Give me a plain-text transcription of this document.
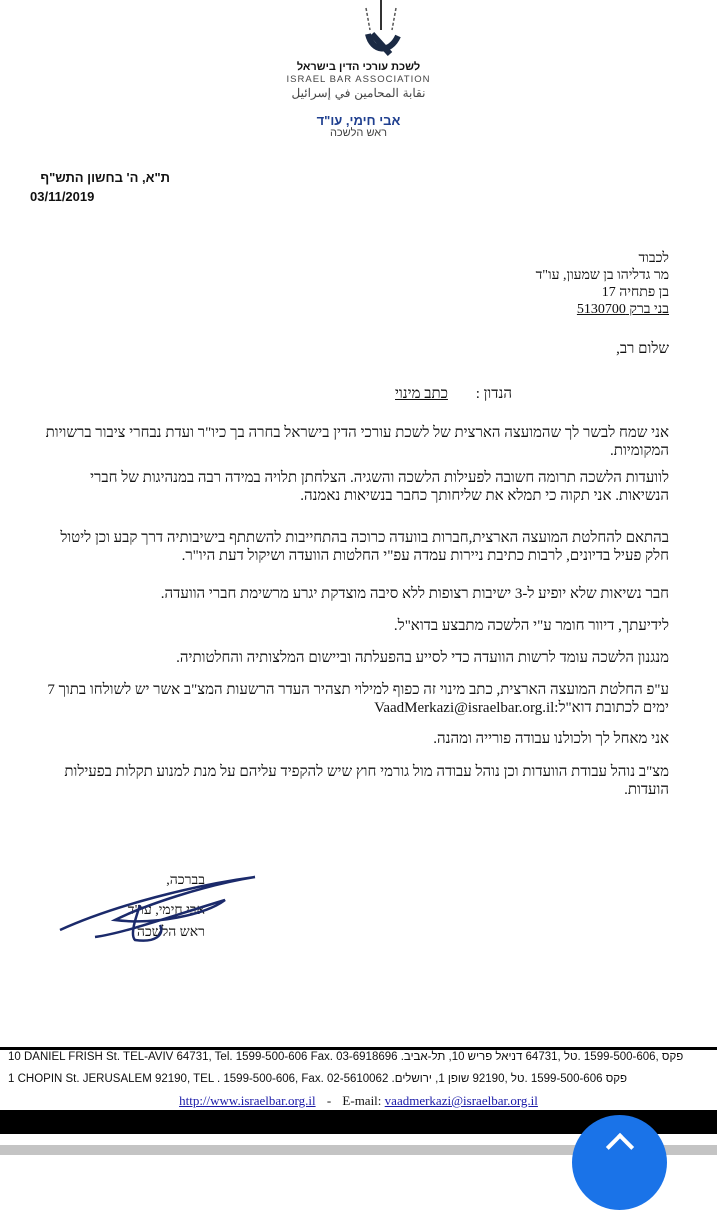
לשכת עורכי הדין בישראל
ISRAEL BAR ASSOCIATION
نقابة المحامين في إسرائيل
אבי חימי, עו"ד
ראש הלשכה
ת"א, ה' בחשון התש"ף
03/11/2019
לכבוד
מר גדליהו בן שמעון, עו"ד
בן פתחיה 17
בני ברק 5130700
שלום רב,
הנדון : כתב מינוי
אני שמח לבשר לך שהמועצה הארצית של לשכת עורכי הדין בישראל בחרה בך כיו"ר ועדת נבחרי ציבור ברשויות המקומיות.
לוועדות הלשכה תרומה חשובה לפעילות הלשכה והשגיה. הצלחתן תלויה במידה רבה במנהיגות של חברי הנשיאות. אני תקוה כי תמלא את שליחותך כחבר בנשיאות נאמנה.
בהתאם להחלטת המועצה הארצית,חברות בוועדה כרוכה בהתחייבות להשתתף בישיבותיה דרך קבע וכן ליטול חלק פעיל בדיונים, לרבות כתיבת ניירות עמדה עפ"י החלטות הוועדה ושיקול דעת היו"ר.
חבר נשיאות שלא יופיע ל-3 ישיבות רצופות ללא סיבה מוצדקת יגרע מרשימת חברי הוועדה.
לידיעתך, דיוור חומר ע"י הלשכה מתבצע בדוא"ל.
מנגנון הלשכה עומד לרשות הוועדה כדי לסייע בהפעלתה וביישום המלצותיה והחלטותיה.
ע"פ החלטת המועצה הארצית, כתב מינוי זה כפוף למילוי תצהיר העדר הרשעות המצ"ב אשר יש לשולחו בתוך 7 ימים לכתובת דוא"ל:VaadMerkazi@israelbar.org.il
אני מאחל לך ולכולנו עבודה פורייה ומהנה.
מצ"ב נוהל עבודת הוועדות וכן נוהל עבודה מול גורמי חוץ שיש להקפיד עליהם על מנת למנוע תקלות בפעילות הועדות.
בברכה,
אבי חימי, עו"ד
ראש הלשכה
10 DANIEL FRISH St. TEL-AVIV 64731, Tel. 1599-500-606 Fax. 03-6918696 .פקס ,1599-500-606 .טל ,64731 דניאל פריש 10, תל-אביב
1 CHOPIN St. JERUSALEM 92190, TEL . 1599-500-606, Fax. 02-5610062 .פקס 1599-500-606 .טל ,92190 שופן 1, ירושלים
http://www.israelbar.org.il - E-mail: vaadmerkazi@israelbar.org.il
